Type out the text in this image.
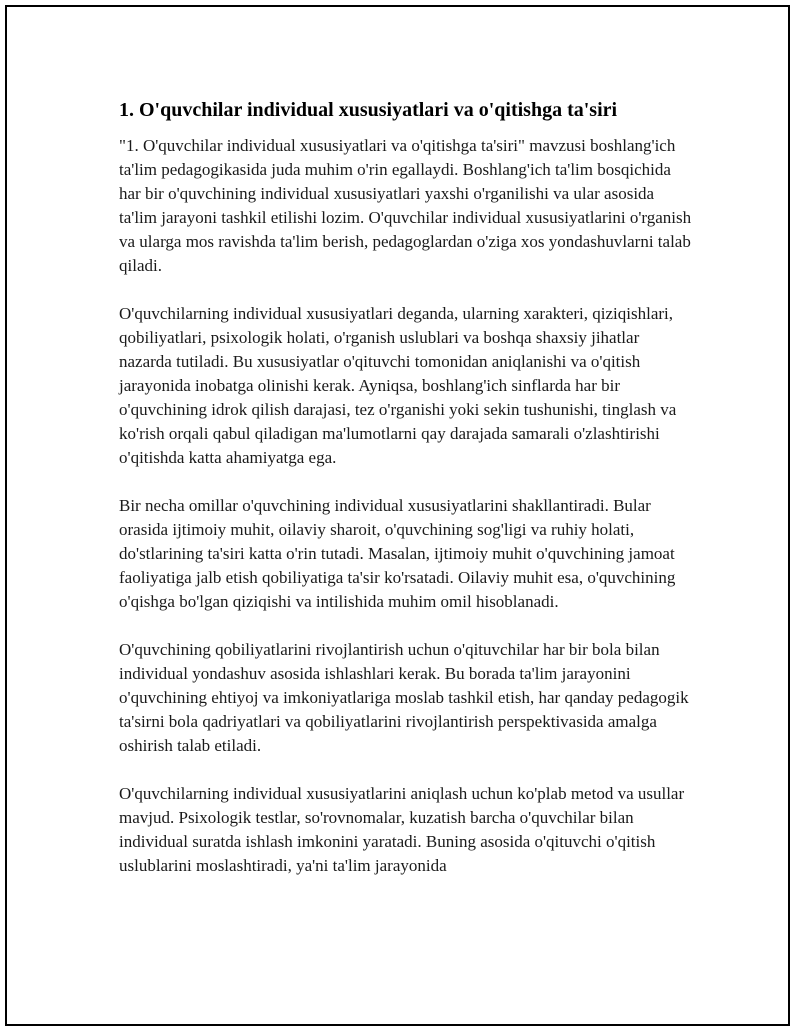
1. O'quvchilar individual xususiyatlari va o'qitishga ta'siri

"1. O'quvchilar individual xususiyatlari va o'qitishga ta'siri" mavzusi boshlang'ich ta'lim pedagogikasida juda muhim o'rin egallaydi. Boshlang'ich ta'lim bosqichida har bir o'quvchining individual xususiyatlari yaxshi o'rganilishi va ular asosida ta'lim jarayoni tashkil etilishi lozim. O'quvchilar individual xususiyatlarini o'rganish va ularga mos ravishda ta'lim berish, pedagoglardan o'ziga xos yondashuvlarni talab qiladi.

O'quvchilarning individual xususiyatlari deganda, ularning xarakteri, qiziqishlari, qobiliyatlari, psixologik holati, o'rganish uslublari va boshqa shaxsiy jihatlar nazarda tutiladi. Bu xususiyatlar o'qituvchi tomonidan aniqlanishi va o'qitish jarayonida inobatga olinishi kerak. Ayniqsa, boshlang'ich sinflarda har bir o'quvchining idrok qilish darajasi, tez o'rganishi yoki sekin tushunishi, tinglash va ko'rish orqali qabul qiladigan ma'lumotlarni qay darajada samarali o'zlashtirishi o'qitishda katta ahamiyatga ega.

Bir necha omillar o'quvchining individual xususiyatlarini shakllantiradi. Bular orasida ijtimoiy muhit, oilaviy sharoit, o'quvchining sog'ligi va ruhiy holati, do'stlarining ta'siri katta o'rin tutadi. Masalan, ijtimoiy muhit o'quvchining jamoat faoliyatiga jalb etish qobiliyatiga ta'sir ko'rsatadi. Oilaviy muhit esa, o'quvchining o'qishga bo'lgan qiziqishi va intilishida muhim omil hisoblanadi.

O'quvchining qobiliyatlarini rivojlantirish uchun o'qituvchilar har bir bola bilan individual yondashuv asosida ishlashlari kerak. Bu borada ta'lim jarayonini o'quvchining ehtiyoj va imkoniyatlariga moslab tashkil etish, har qanday pedagogik ta'sirni bola qadriyatlari va qobiliyatlarini rivojlantirish perspektivasida amalga oshirish talab etiladi.

O'quvchilarning individual xususiyatlarini aniqlash uchun ko'plab metod va usullar mavjud. Psixologik testlar, so'rovnomalar, kuzatish barcha o'quvchilar bilan individual suratda ishlash imkonini yaratadi. Buning asosida o'qituvchi o'qitish uslublarini moslashtiradi, ya'ni ta'lim jarayonida
